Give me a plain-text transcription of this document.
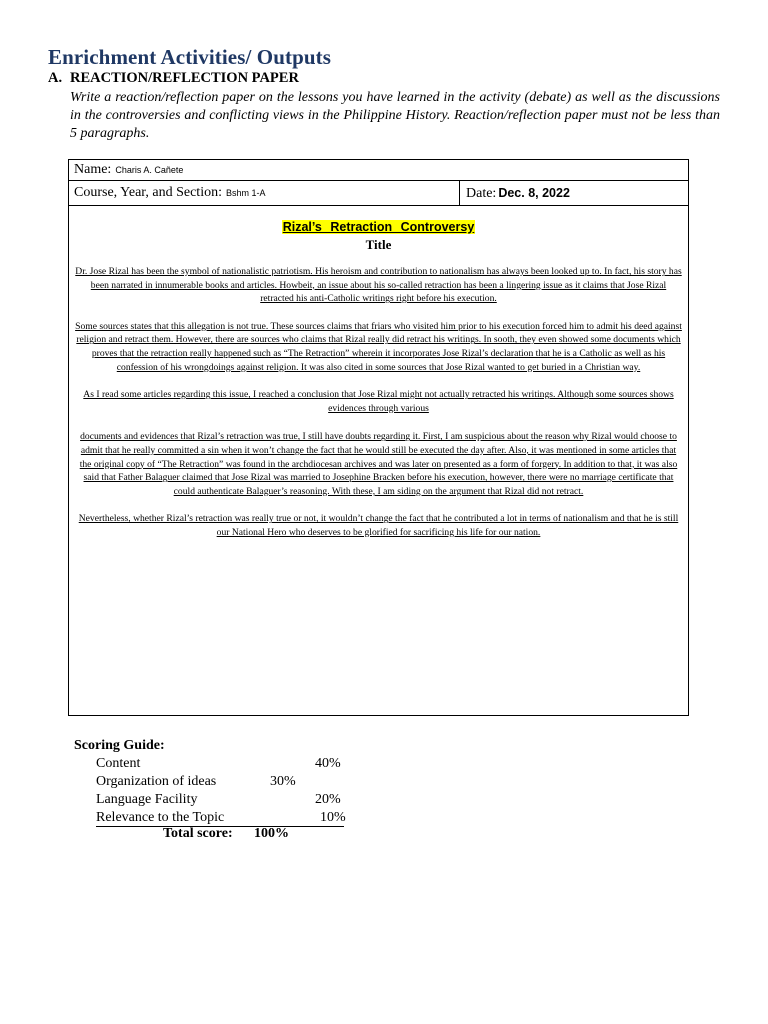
Enrichment Activities/ Outputs
A. REACTION/REFLECTION PAPER
Write a reaction/reflection paper on the lessons you have learned in the activity (debate) as well as the discussions in the controversies and conflicting views in the Philippine History. Reaction/reflection paper must not be less than 5 paragraphs.
Name: Charis A. Cañete
Course, Year, and Section: Bshm 1-A	Date: Dec. 8, 2022
Rizal’s Retraction Controversy
Title

Dr. Jose Rizal has been the symbol of nationalistic patriotism. His heroism and contribution to nationalism has always been looked up to. In fact, his story has been narrated in innumerable books and articles. Howbeit, an issue about his so-called retraction has been a lingering issue as it claims that Jose Rizal retracted his anti-Catholic writings right before his execution.

Some sources states that this allegation is not true. These sources claims that friars who visited him prior to his execution forced him to admit his deed against religion and retract them. However, there are sources who claims that Rizal really did retract his writings. In sooth, they even showed some documents which proves that the retraction really happened such as “The Retraction” wherein it incorporates Jose Rizal’s declaration that he is a Catholic as well as his confession of his wrongdoings against religion. It was also cited in some sources that Jose Rizal wanted to get buried in a Christian way.

As I read some articles regarding this issue, I reached a conclusion that Jose Rizal might not actually retracted his writings. Although some sources shows evidences through various

documents and evidences that Rizal’s retraction was true, I still have doubts regarding it. First, I am suspicious about the reason why Rizal would choose to admit that he really committed a sin when it won’t change the fact that he would still be executed the day after. Also, it was mentioned in some articles that the original copy of “The Retraction” was found in the archdiocesan archives and was later on presented as a form of forgery. In addition to that, it was also said that Father Balaguer claimed that Jose Rizal was married to Josephine Bracken before his execution, however, there were no marriage certificate that could authenticate Balaguer’s reasoning. With these, I am siding on the argument that Rizal did not retract.

Nevertheless, whether Rizal’s retraction was really true or not, it wouldn’t change the fact that he contributed a lot in terms of nationalism and that he is still our National Hero who deserves to be glorified for sacrificing his life for our nation.

Scoring Guide:
Content	40%
Organization of ideas	30%
Language Facility	20%
Relevance to the Topic	10%
Total score: 100%
